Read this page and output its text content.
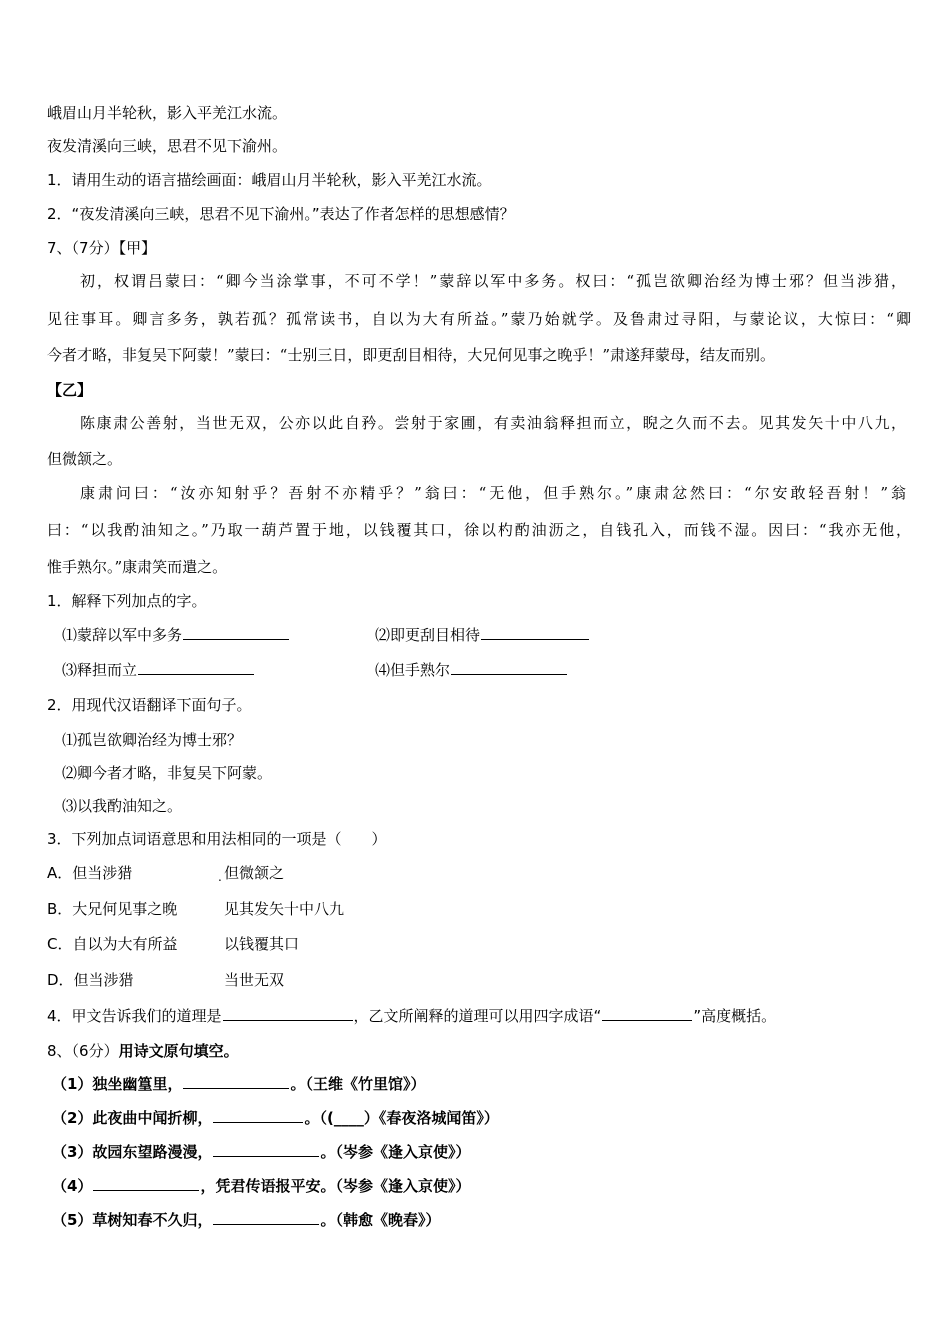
峨眉山月半轮秋，影入平羌江水流。
夜发清溪向三峡，思君不见下渝州。
1．请用生动的语言描绘画面：峨眉山月半轮秋，影入平羌江水流。
2．“夜发清溪向三峡，思君不见下渝州。”表达了作者怎样的思想感情？
7、（7分）【甲】
初，权谓吕蒙曰：“卿今当涂掌事，不可不学！”蒙辞以军中多务。权曰：“孤岂欲卿治经为博士邪？但当涉猎，
见往事耳。卿言多务，孰若孤？孤常读书，自以为大有所益。”蒙乃始就学。及鲁肃过寻阳，与蒙论议，大惊曰：“卿
今者才略，非复吴下阿蒙！”蒙曰：“士别三日，即更刮目相待，大兄何见事之晚乎！”肃遂拜蒙母，结友而别。
【乙】
陈康肃公善射，当世无双，公亦以此自矜。尝射于家圃，有卖油翁释担而立，睨之久而不去。见其发矢十中八九，
但微颔之。
康肃问曰：“汝亦知射乎？吾射不亦精乎？”翁曰：“无他，但手熟尔。”康肃忿然曰：“尔安敢轻吾射！”翁
曰：“以我酌油知之。”乃取一葫芦置于地，以钱覆其口，徐以杓酌油沥之，自钱孔入，而钱不湿。因曰：“我亦无他，
惟手熟尔。”康肃笑而遣之。
1．解释下列加点的字。
⑴蒙辞以军中多务	⑵即更刮目相待
⑶释担而立	⑷但手熟尔
2．用现代汉语翻译下面句子。
⑴孤岂欲卿治经为博士邪？
⑵卿今者才略，非复吴下阿蒙。
⑶以我酌油知之。
3．下列加点词语意思和用法相同的一项是（　　）
A．但当涉猎	但微颔之
.
B．大兄何见事之晚	见其发矢十中八九
C．自以为大有所益	以钱覆其口
D．但当涉猎	当世无双
4．甲文告诉我们的道理是	，乙文所阐释的道理可以用四字成语“	”高度概括。
8、（6分）用诗文原句填空。
（1）独坐幽篁里，	。（王维《竹里馆》）
（2）此夜曲中闻折柳，	。（(____）《春夜洛城闻笛》）
（3）故园东望路漫漫，	。（岑参《逢入京使》）
（4）	，凭君传语报平安。（岑参《逢入京使》）
（5）草树知春不久归，	。（韩愈《晚春》）
